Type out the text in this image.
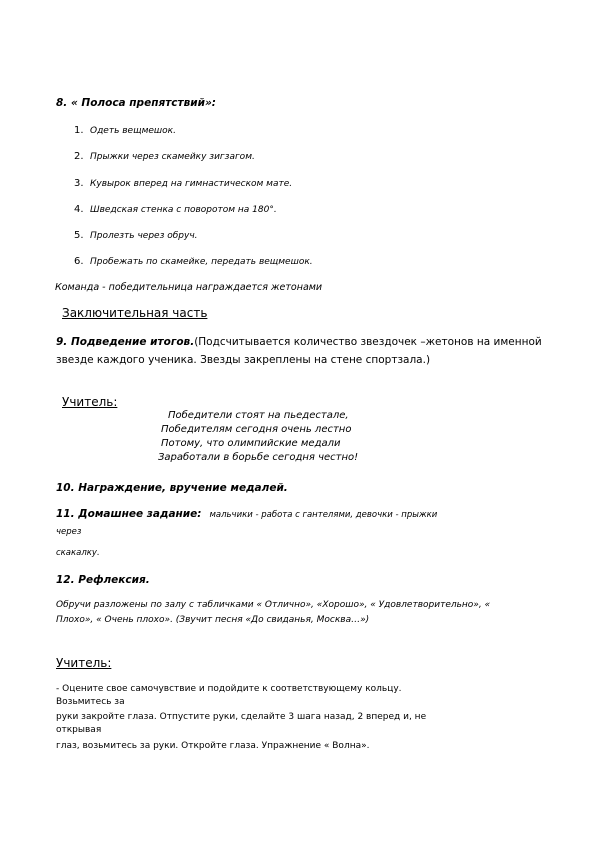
8. « Полоса препятствий»:
1. Одеть вещмешок.
2. Прыжки через скамейку зигзагом.
3. Кувырок вперед на гимнастическом мате.
4. Шведская стенка с поворотом на 180°.
5. Пролезть через обруч.
6. Пробежать по скамейке, передать вещмешок.
Команда - победительница награждается жетонами
Заключительная часть
9. Подведение итогов.(Подсчитывается количество звездочек –жетонов на именной звезде каждого ученика. Звезды закреплены на стене спортзала.)
Учитель:
Победители стоят на пьедестале,
Победителям сегодня очень лестно
Потому, что олимпийские медали
Заработали в борьбе сегодня честно!
10. Награждение, вручение медалей.
11. Домашнее задание: мальчики - работа с гантелями, девочки - прыжки
через
скакалку.
12. Рефлексия.
Обручи разложены по залу с табличками « Отлично», «Хорошо», « Удовлетворительно», « Плохо», « Очень плохо». (Звучит песня «До свиданья, Москва…»)
Учитель:
- Оцените свое самочувствие и подойдите к соответствующему кольцу.
Возьмитесь за
руки закройте глаза. Отпустите руки, сделайте 3 шага назад, 2 вперед и, не
открывая
глаз, возьмитесь за руки. Откройте глаза. Упражнение « Волна».
